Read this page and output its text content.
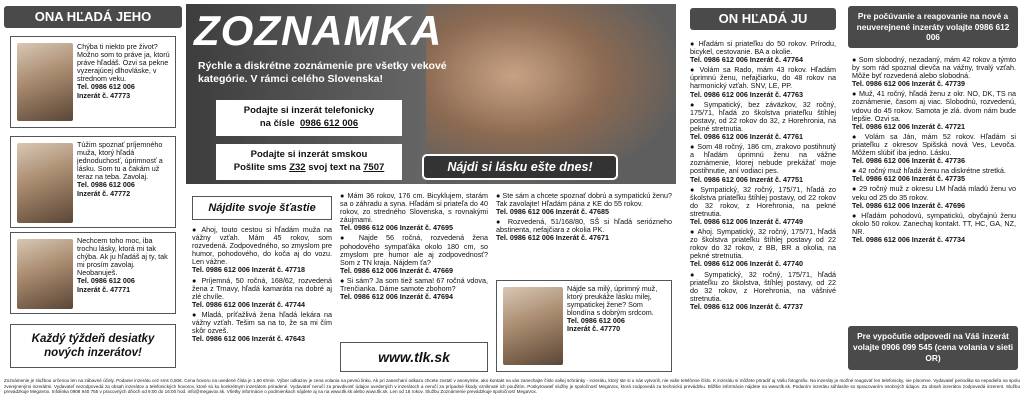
ONA HĽADÁ JEHO
Chýba ti niekto pre život? Možno som to práve ja, ktorú práve hľadáš. Ozvi sa pekne vyzerajúcej dlhovláske, v strednom veku.
Tel. 0986 612 006
Inzerát č. 47773
Túžim spoznať príjemného muža, ktorý hľadá jednoduchosť, úprimnosť a lásku. Som tu a čakám už teraz na teba. Zavolaj.
Tel. 0986 612 006
Inzerát č. 47772
Nechcem toho moc, iba trochu lásky, ktorá mi tak chýba. Ak ju hľadáš aj ty, tak mi prosím zavolaj. Neobanuješ.
Tel. 0986 612 006
Inzerát č. 47771
Každý týždeň desiatky nových inzerátov!
ZOZNAMKA
Rýchle a diskrétne zoznámenie pre všetky vekové kategórie. V rámci celého Slovenska!
Podajte si inzerát telefonicky
na čísle 0986 612 006
Podajte si inzerát smskou
Pošlite sms Z32 svoj text na 7507	Nájdi si lásku ešte dnes!
Nájdite svoje šťastie
● Ahoj, touto cestou si hľadám muža na vážny vzťah. Mám 45 rokov, som rozvedená. Zodpovedného, so zmyslom pre humor, pohodového, do koča aj do vozu. Len vážne.
Tel. 0986 612 006 Inzerát č. 47718
● Príjemná, 50 ročná, 168/62, rozvedená žena z Trnavy, hľadá kamaráta na dobré aj zlé chvíle.
Tel. 0986 612 006 Inzerát č. 47744
● Mladá, príťažlivá žena hľadá lekára na vážny vzťah. Tešim sa na to, že sa mi čím skôr ozveš.
Tel. 0986 612 006 Inzerát č. 47643
● Mám 36 rokov, 176 cm. Bicyklujem, starám sa o záhradu a syna. Hľadám si priateľa do 40 rokov, zo stredného Slovenska, s rovnakými záujmami.
Tel. 0986 612 006 Inzerát č. 47695
● Najde 56 ročná, rozvedená žena pohodového sympaťáka okolo 180 cm, so zmyslom pre humor ale aj zodpovednosť? Som z TN kraja. Nájdem ťa?
Tel. 0986 612 006 Inzerát č. 47669
● Si sám? Ja som tiež sama! 67 ročná vdova, Trenčianka. Dáme samote zbohom?
Tel. 0986 612 006 Inzerát č. 47694
www.tlk.sk
● Ste sám a chcete spoznať dobrú a sympatickú ženu? Tak zavolajte! Hľadám pána z KE do 55 rokov.
Tel. 0986 612 006 Inzerát č. 47685
● Rozvedená, 51/168/80, SŠ si hľadá seriózneho abstinenta, nefajčiara z okolia PK.
Tel. 0986 612 006 Inzerát č. 47671
Nájde sa milý, úprimný muž, ktorý preukáže lásku milej, sympatickej žene? Som blondína s dobrým srdcom.
Tel. 0986 612 006
Inzerát č. 47770
ON HĽADÁ JU
● Hľadám si priateľku do 50 rokov. Prírodu, bicykel, cestovanie. BA a okolie.
Tel. 0986 612 006 Inzerát č. 47764
● Volám sa Rado, mám 43 rokov. Hľadám úprimnú ženu, nefajčiarku, do 48 rokov na harmonický vzťah. SNV, LE, PP.
Tel. 0986 612 006 Inzerát č. 47763
● Sympatický, bez záväzkov, 32 ročný, 175/71, hľadá zo školstva priateľku štíhlej postavy, od 22 rokov do 32, z Horehronia, na pekné stretnutia.
Tel. 0986 612 006 Inzerát č. 47761
● Som 48 ročný, 186 cm, zrakovo postihnutý a hľadám úprimnú ženu na vážne zoznámenie, ktorej nebude prekážať moje postihnutie, aní vodiaci pes.
Tel. 0986 612 006 Inzerát č. 47751
● Sympatický, 32 ročný, 175/71, hľadá zo školstva priateľku štíhlej postavy, od 22 rokov do 32 rokov, z Horehronia, na pekné stretnutia.
Tel. 0986 612 006 Inzerát č. 47749
● Ahoj. Sympatický, 32 ročný, 175/71, hľadá zo školstva priateľku štíhlej postavy od 22 rokov do 32 rokov, z BB, BR a okolia, na pekné stretnutia.
Tel. 0986 612 006 Inzerát č. 47740
● Sympatický, 32 ročný, 175/71, hľadá priateľku zo školstva, štíhlej postavy, od 22 do 32 rokov, z Horehronia, na vášnivé stretnutia.
Tel. 0986 612 006 Inzerát č. 47737
Pre počúvanie a reagovanie na nové a neuverejnené inzeráty volajte 0986 612 006
● Som slobodný, nezadaný, mám 42 rokov a týmto by som rád spoznal dievča na vážny, trvalý vzťah. Môže byť rozvedená alebo slobodná.
Tel. 0986 612 006 Inzerát č. 47739
● Muž, 41 ročný, hľadá ženu z okr. NO, DK, TS na zoznámenie, časom aj viac. Slobodnú, rozvedenú, vdovu do 45 rokov. Samota je zlá. dvom nám bude lepšie. Ozvi sa.
Tel. 0986 612 006 Inzerát č. 47721
● Volám sa Ján, mám 52 rokov. Hľadám si priateľku z okresov Spišská nová Ves, Levoča. Môžem slúbiť iba jedno. Lásku.
Tel. 0986 612 006 Inzerát č. 47736
● 42 ročný muž hľadá ženu na diskrétne stretká.
Tel. 0986 612 006 Inzerát č. 47735
● 29 ročný muž z okresu LM hľadá mladú ženu vo veku od 25 do 35 rokov.
Tel. 0986 612 006 Inzerát č. 47696
● Hľadám pohodovú, sympatickú, obyčajnú ženu okolo 50 rokov. Zanechaj kontakt. TT, HC, GA, NZ, NR.
Tel. 0986 612 006 Inzerát č. 47734
Pre vypočutie odpovedí na Váš inzerát volajte 0906 099 545 (cena volania v sieti OR)
Zoznámenie je službou určenou len na zábavné účely. Podanie inzerátu cez sms 0,50€. Cena hovoru na uvedené čísla je 1,60 €/min. Výber odkazov je cena volania na pevnú linku. Ak pri zanechaní odkazu chcete zostať v anonymite, ako kontakt na vás zanechajte číslo vašej schránky - inzerátu, ktorý ste si u nás vytvorili, nie vaše telefónne číslo. K inzerátu si môžete priradiť aj Vašu fotografiu. Na inzeráty je možné reagovať len telefonicky, nie písomne. Vydavateľ periodika sa nepodieľa na spolu zverejnenými inzerátmi. Vydavateľ nezodpovedá za obsah inzerátov a telefonických hovorov, ktoré sú ku konkrétnym inzerátom priradené. Vydavateľ neručí za pravdivosť údajov uvedených v inzerátoch a neručí za prípadné škody vzniknuté ich použitím. Poskytovateľ služby je spoločnosť MegaVox, ktorá zodpovedá za technickú prevádzku. Bližšie informácie nájdete na www.tlk.sk. Podaním inzerátu súhlasíte so spracovaním osobných údajov. Za obsah inzerátov zodpovedá inzerent. Službu prevádzkuje MegaVox. Infolinka 0908 940 755 v pracovných dňoch od 9:00 do 16:00 hod. info@megavox.sk. Všetky informácie o podmienkach nájdete aj na na www.tlk.sk alebo www.tlk.sk. Len od 18 rokov. Službu Zoznámenie prevádzkuje spoločnosť MegaVox.
